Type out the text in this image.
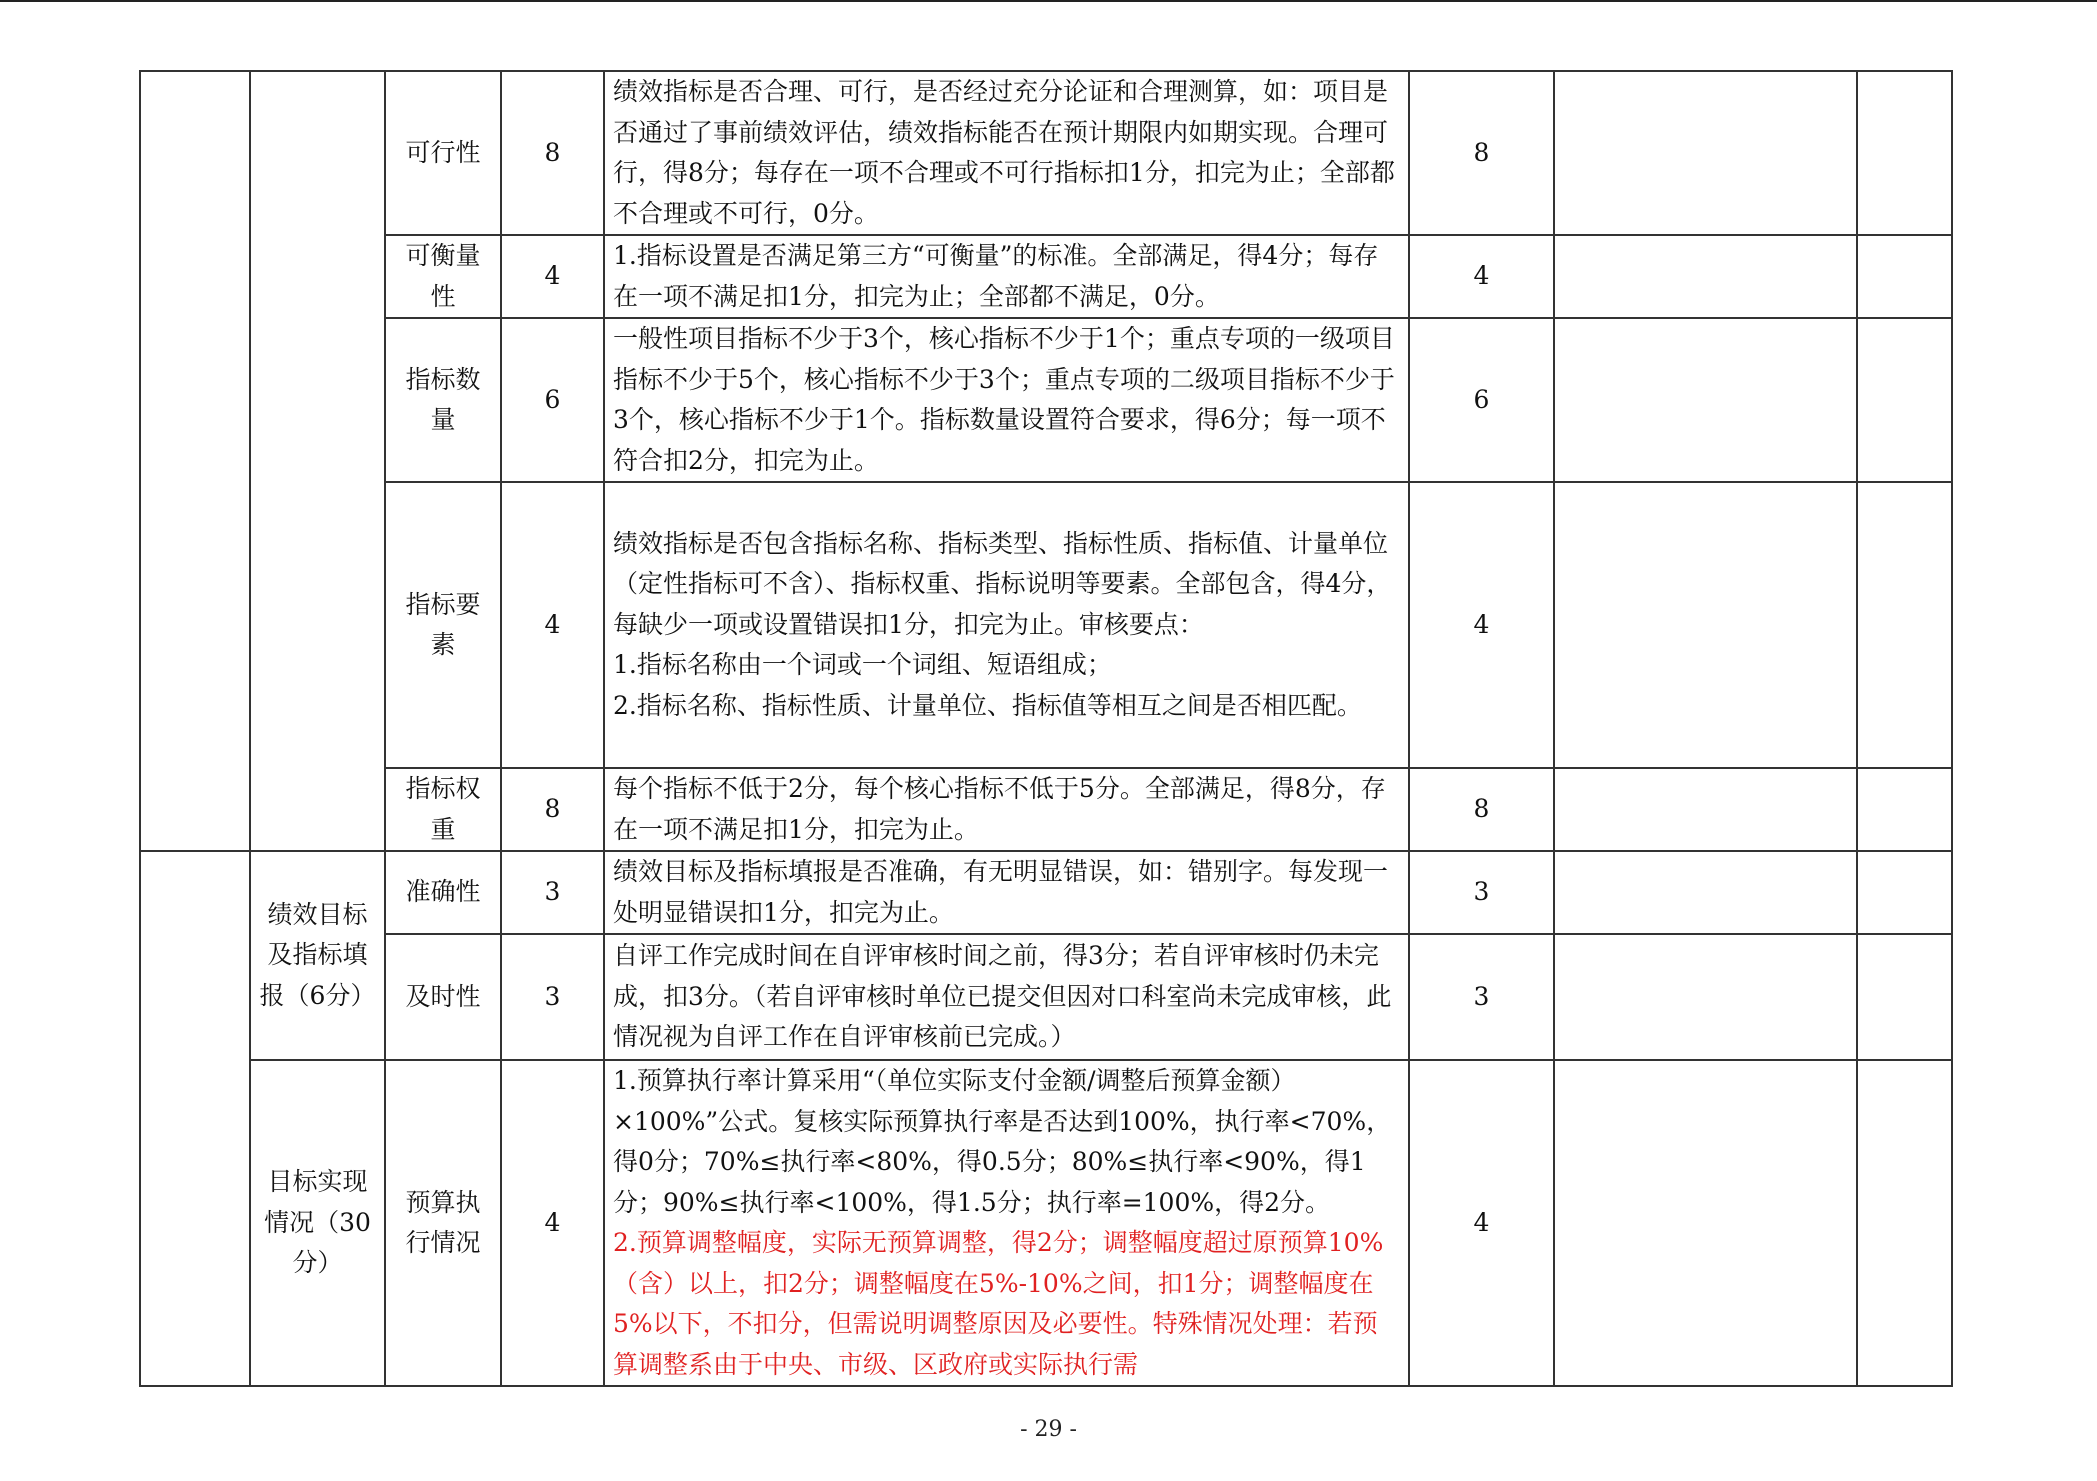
		可行性	8	绩效指标是否合理、可行，是否经过充分论证和合理测算，如：项目是否通过了事前绩效评估，绩效指标能否在预计期限内如期实现。合理可行，得8分；每存在一项不合理或不可行指标扣1分，扣完为止；全部都不合理或不可行，0分。	8		
		可衡量性	4	1.指标设置是否满足第三方“可衡量”的标准。全部满足，得4分；每存在一项不满足扣1分，扣完为止；全部都不满足，0分。	4		
		指标数量	6	一般性项目指标不少于3个，核心指标不少于1个；重点专项的一级项目指标不少于5个，核心指标不少于3个；重点专项的二级项目指标不少于3个，核心指标不少于1个。指标数量设置符合要求，得6分；每一项不符合扣2分，扣完为止。	6		
		指标要素	4	绩效指标是否包含指标名称、指标类型、指标性质、指标值、计量单位（定性指标可不含）、指标权重、指标说明等要素。全部包含，得4分，每缺少一项或设置错误扣1分，扣完为止。审核要点：
1.指标名称由一个词或一个词组、短语组成；
2.指标名称、指标性质、计量单位、指标值等相互之间是否相匹配。	4		
		指标权重	8	每个指标不低于2分，每个核心指标不低于5分。全部满足，得8分，存在一项不满足扣1分，扣完为止。	8		
	绩效目标及指标填报（6分）	准确性	3	绩效目标及指标填报是否准确，有无明显错误，如：错别字。每发现一处明显错误扣1分，扣完为止。	3		
		及时性	3	自评工作完成时间在自评审核时间之前，得3分；若自评审核时仍未完成，扣3分。（若自评审核时单位已提交但因对口科室尚未完成审核，此情况视为自评工作在自评审核前已完成。）	3		
	目标实现情况（30分）	预算执行情况	4	1.预算执行率计算采用“（单位实际支付金额/调整后预算金额）×100%”公式。复核实际预算执行率是否达到100%，执行率<70%，得0分；70%≤执行率<80%，得0.5分；80%≤执行率<90%，得1分；90%≤执行率<100%，得1.5分；执行率=100%，得2分。
2.预算调整幅度，实际无预算调整，得2分；调整幅度超过原预算10%（含）以上，扣2分；调整幅度在5%-10%之间，扣1分；调整幅度在5%以下，不扣分，但需说明调整原因及必要性。特殊情况处理：若预算调整系由于中央、市级、区政府或实际执行需	4		
- 29 -
